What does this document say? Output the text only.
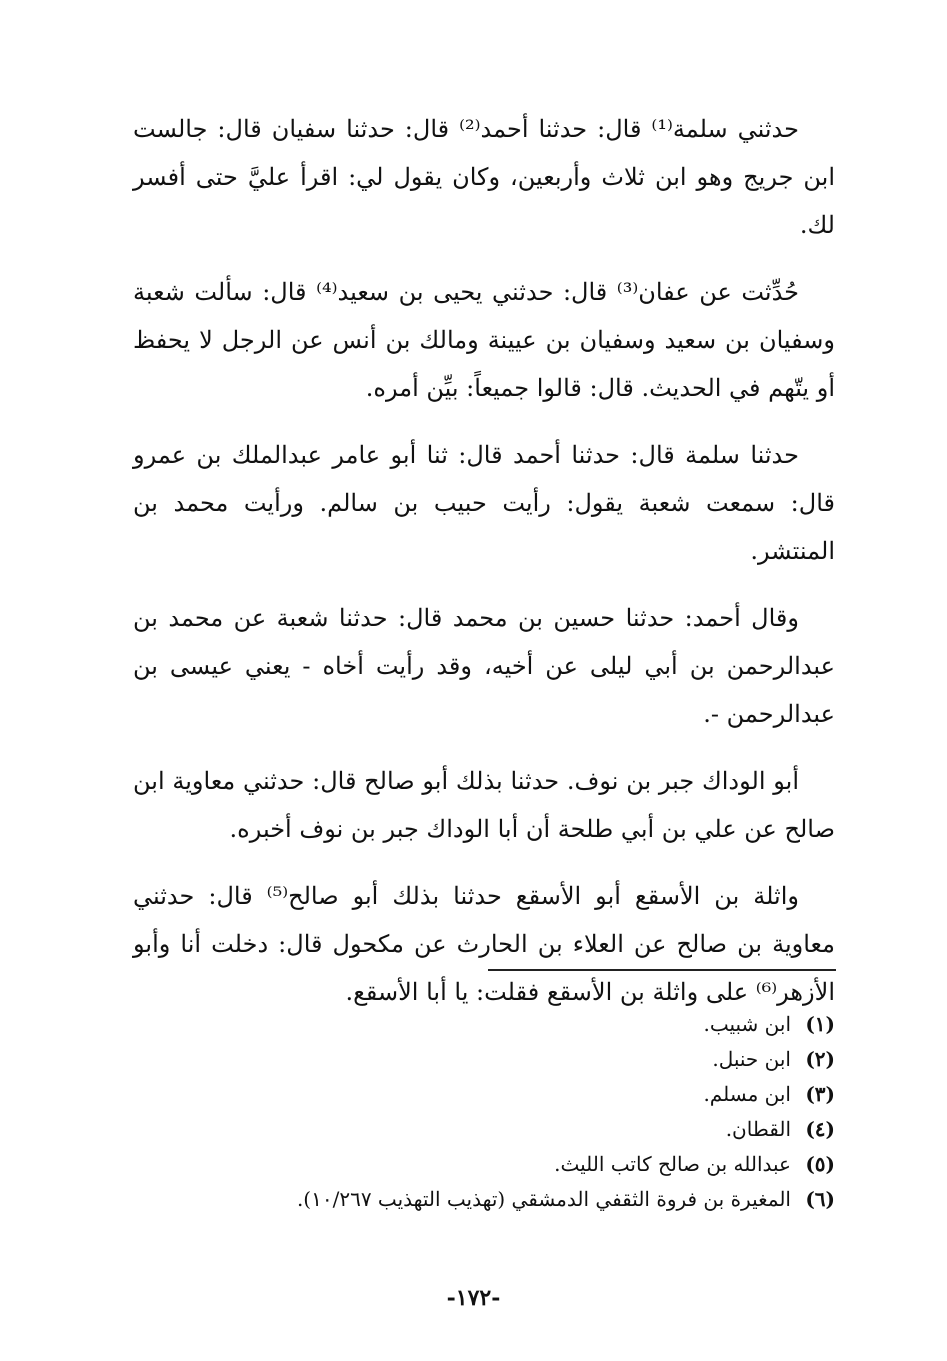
حدثني سلمة⁽¹⁾ قال: حدثنا أحمد⁽²⁾ قال: حدثنا سفيان قال: جالست ابن جريج وهو ابن ثلاث وأربعين، وكان يقول لي: اقرأ عليَّ حتى أفسر لك.

حُدِّثت عن عفان⁽³⁾ قال: حدثني يحيى بن سعيد⁽⁴⁾ قال: سألت شعبة وسفيان بن سعيد وسفيان بن عيينة ومالك بن أنس عن الرجل لا يحفظ أو يتّهم في الحديث. قال: قالوا جميعاً: بيِّن أمره.

حدثنا سلمة قال: حدثنا أحمد قال: ثنا أبو عامر عبدالملك بن عمرو قال: سمعت شعبة يقول: رأيت حبيب بن سالم. ورأيت محمد بن المنتشر.

وقال أحمد: حدثنا حسين بن محمد قال: حدثنا شعبة عن محمد بن عبدالرحمن بن أبي ليلى عن أخيه، وقد رأيت أخاه - يعني عيسى بن عبدالرحمن -.

أبو الوداك جبر بن نوف. حدثنا بذلك أبو صالح قال: حدثني معاوية ابن صالح عن علي بن أبي طلحة أن أبا الوداك جبر بن نوف أخبره.

واثلة بن الأسقع أبو الأسقع حدثنا بذلك أبو صالح⁽⁵⁾ قال: حدثني معاوية بن صالح عن العلاء بن الحارث عن مكحول قال: دخلت أنا وأبو الأزهر⁽⁶⁾ على واثلة بن الأسقع فقلت: يا أبا الأسقع.

(١)
ابن شبيب.
(٢)
ابن حنبل.
(٣)
ابن مسلم.
(٤)
القطان.
(٥)
عبدالله بن صالح كاتب الليث.
(٦)
المغيرة بن فروة الثقفي الدمشقي (تهذيب التهذيب ١٠/٢٦٧).
-١٧٢-
